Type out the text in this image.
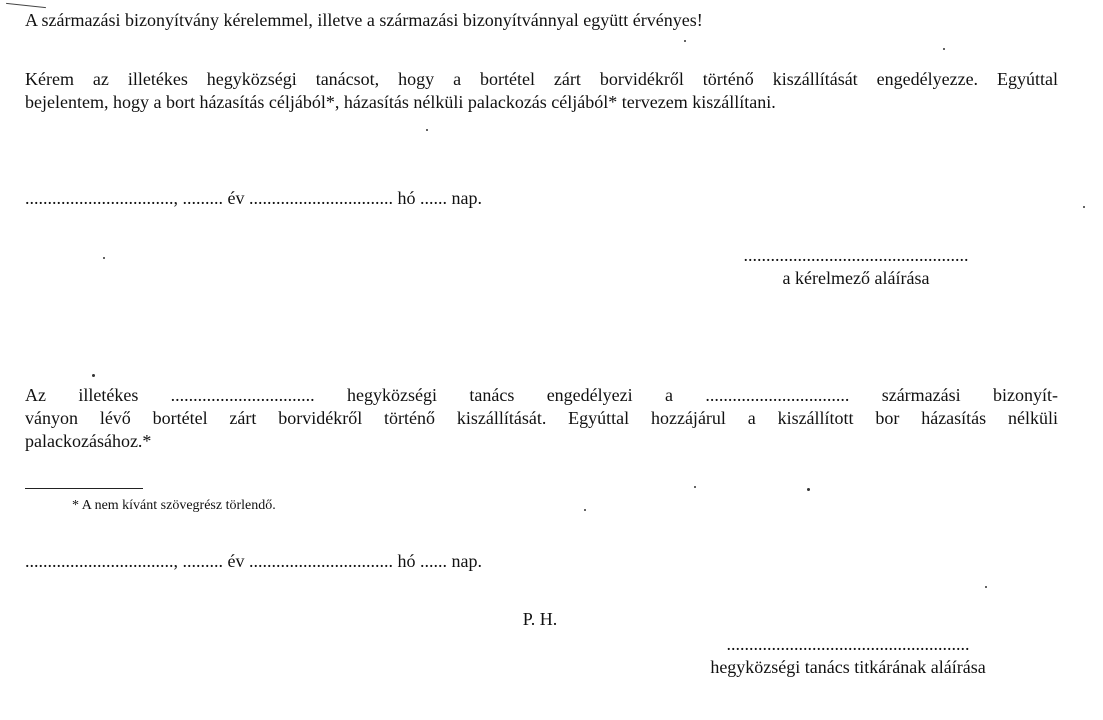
A származási bizonyítvány kérelemmel, illetve a származási bizonyítvánnyal együtt érvényes!
Kérem az illetékes hegyközségi tanácsot, hogy a bortétel zárt borvidékről történő kiszállítását engedélyezze. Egyúttal
bejelentem, hogy a bort házasítás céljából*, házasítás nélküli palackozás céljából* tervezem kiszállítani.
................................., ......... év ................................ hó ...... nap.
..................................................
a kérelmező aláírása
Az illetékes ................................ hegyközségi tanács engedélyezi a ................................ származási bizonyít-
ványon lévő bortétel zárt borvidékről történő kiszállítását. Egyúttal hozzájárul a kiszállított bor házasítás nélküli
palackozásához.*
* A nem kívánt szövegrész törlendő.
................................., ......... év ................................ hó ...... nap.
P. H.
......................................................
hegyközségi tanács titkárának aláírása
